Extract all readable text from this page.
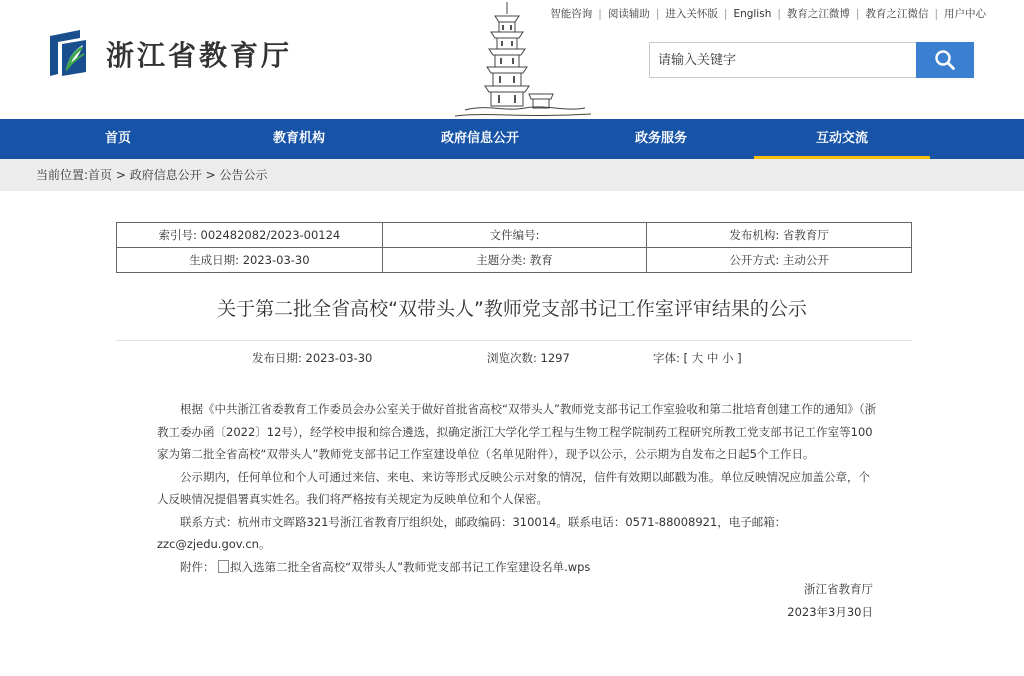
浙江省教育厅
智能咨询 | 阅读辅助 | 进入关怀版 | English | 教育之江微博 | 教育之江微信 | 用户中心
请输入关键字
首页	教育机构	政府信息公开	政务服务	互动交流
当前位置:首页 > 政府信息公开 > 公告公示
索引号: 002482082/2023-00124	文件编号:	发布机构: 省教育厅
生成日期: 2023-03-30	主题分类: 教育	公开方式: 主动公开
关于第二批全省高校“双带头人”教师党支部书记工作室评审结果的公示
发布日期: 2023-03-30	浏览次数: 1297	字体: [ 大 中 小 ]

根据《中共浙江省委教育工作委员会办公室关于做好首批省高校“双带头人”教师党支部书记工作室验收和第二批培育创建工作的通知》（浙教工委办函〔2022〕12号），经学校申报和综合遴选，拟确定浙江大学化学工程与生物工程学院制药工程研究所教工党支部书记工作室等100家为第二批全省高校“双带头人”教师党支部书记工作室建设单位（名单见附件），现予以公示，公示期为自发布之日起5个工作日。

公示期内，任何单位和个人可通过来信、来电、来访等形式反映公示对象的情况，信件有效期以邮戳为准。单位反映情况应加盖公章，个人反映情况提倡署真实姓名。我们将严格按有关规定为反映单位和个人保密。

联系方式：杭州市文晖路321号浙江省教育厅组织处，邮政编码：310014。联系电话：0571-88008921，电子邮箱：zzc@zjedu.gov.cn。

附件： 拟入选第二批全省高校“双带头人”教师党支部书记工作室建设名单.wps
浙江省教育厅
2023年3月30日
